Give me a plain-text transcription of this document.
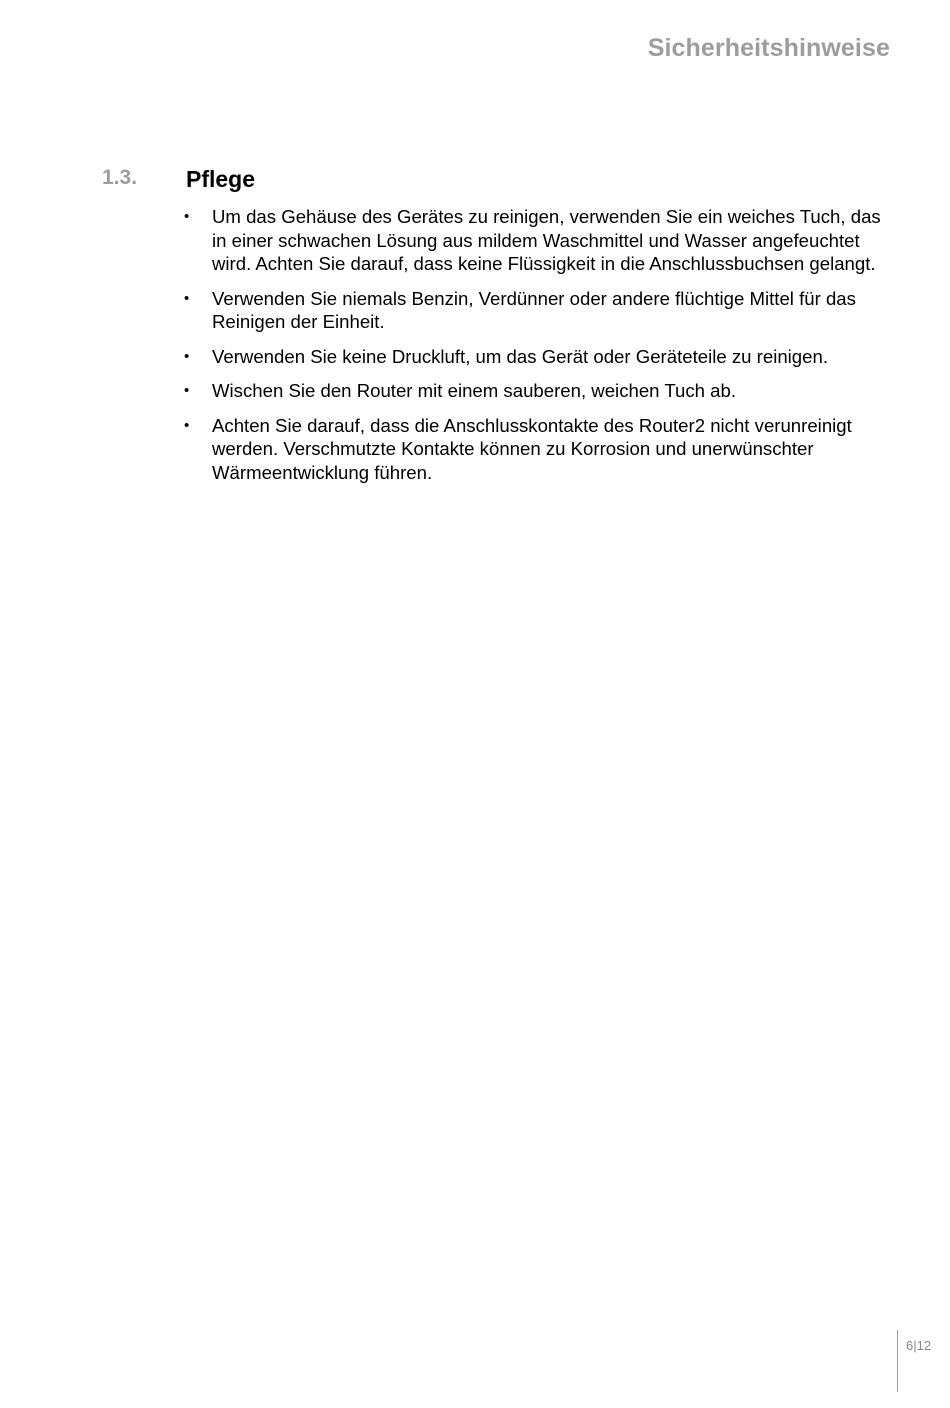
Sicherheitshinweise
1.3. Pflege
• Um das Gehäuse des Gerätes zu reinigen, verwenden Sie ein weiches Tuch, das in einer schwachen Lösung aus mildem Waschmittel und Wasser angefeuchtet wird. Achten Sie darauf, dass keine Flüssigkeit in die Anschlussbuchsen gelangt.
• Verwenden Sie niemals Benzin, Verdünner oder andere flüchtige Mittel für das Reinigen der Einheit.
• Verwenden Sie keine Druckluft, um das Gerät oder Geräteteile zu reinigen.
• Wischen Sie den Router mit einem sauberen, weichen Tuch ab.
• Achten Sie darauf, dass die Anschlusskontakte des Router2 nicht verunreinigt werden. Verschmutzte Kontakte können zu Korrosion und unerwünschter Wärmeentwicklung führen.
6|12
